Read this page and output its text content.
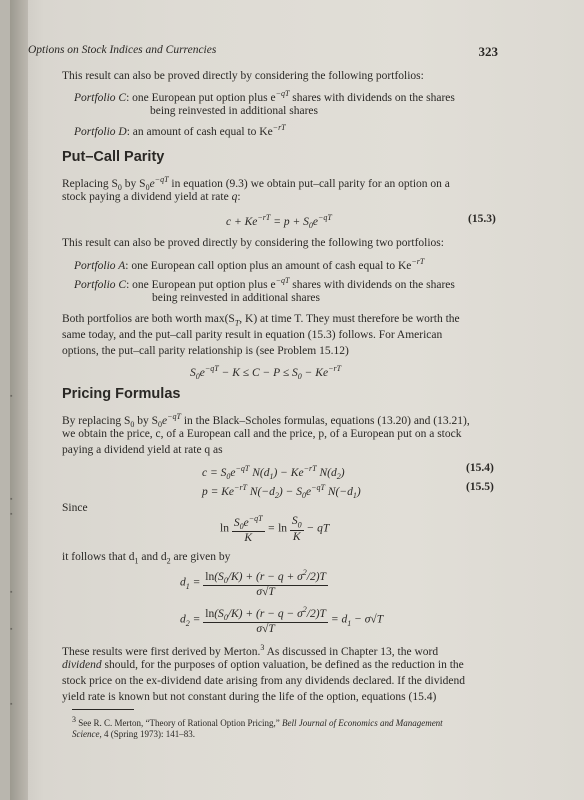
▪
▪
▪
▪
▪
▪
Options on Stock Indices and Currencies	323
This result can also be proved directly by considering the following portfolios:
Portfolio C: one European put option plus $e^{-qT}$ shares with dividends on the shares
being reinvested in additional shares
Portfolio D: an amount of cash equal to $Ke^{-rT}$
Put–Call Parity
Replacing $S_0$ by $S_0e^{-qT}$ in equation (9.3) we obtain put–call parity for an option on a
stock paying a dividend yield at rate q:
$c + Ke^{-rT} = p + S_0e^{-qT}$	(15.3)
This result can also be proved directly by considering the following two portfolios:
Portfolio A: one European call option plus an amount of cash equal to $Ke^{-rT}$
Portfolio C: one European put option plus $e^{-qT}$ shares with dividends on the shares
being reinvested in additional shares
Both portfolios are both worth $\max(S_T$, K) at time T. They must therefore be worth the
same today, and the put–call parity result in equation (15.3) follows. For American
options, the put–call parity relationship is (see Problem 15.12)
$S_0e^{-qT} - K \le C - P \le S_0 - Ke^{-rT}$
Pricing Formulas
By replacing $S_0$ by $S_0e^{-qT}$ in the Black–Scholes formulas, equations (13.20) and (13.21),
we obtain the price, c, of a European call and the price, p, of a European put on a stock
paying a dividend yield at rate q as
$c = S_0e^{-qT}$ $N(d_1) - Ke^{-rT}$ $N(d_2)$	(15.4)
$p = Ke^{-rT}$ $N(-d_2) - S_0e^{-qT}$ $N(-d_1)$	(15.5)
Since
$\ln \frac{S_0e^{-qT}}{K} = \ln \frac{S_0}{K}$ − qT
it follows that $d_1$ and $d_2$ are given by
$d_1 = \frac{\ln(S_0/K) + (r - q + \sigma^2/2)T}{\sigma√T}$
$d_2 = \frac{\ln(S_0/K) + (r - q - \sigma^2/2)T}{\sigma√T} = d_1 - \sigma√T$
These results were first derived by Merton.$^3$ As discussed in Chapter 13, the word
dividend should, for the purposes of option valuation, be defined as the reduction in the
stock price on the ex-dividend date arising from any dividends declared. If the dividend
yield rate is known but not constant during the life of the option, equations (15.4)
$^3$ See R. C. Merton, “Theory of Rational Option Pricing,” Bell Journal of Economics and Management
Science, 4 (Spring 1973): 141–83.
